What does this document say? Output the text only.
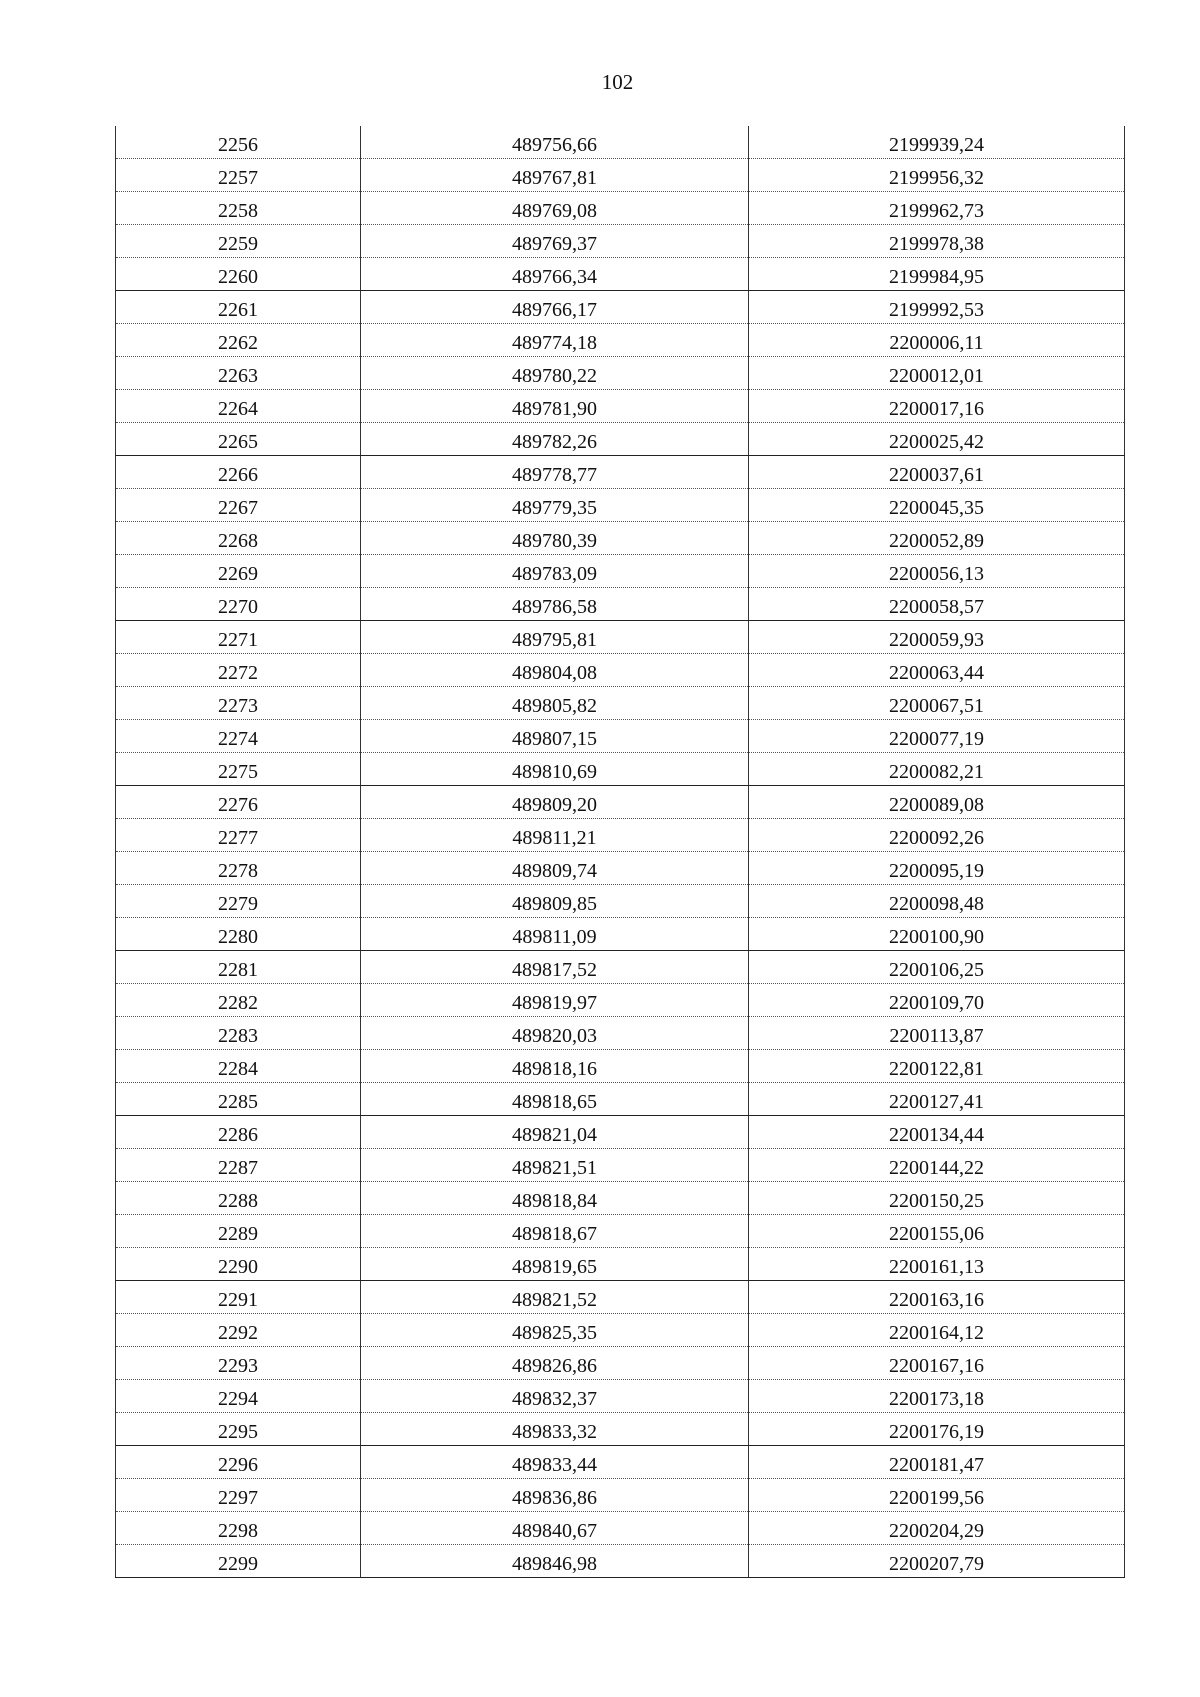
102
2256	489756,66	2199939,24
2257	489767,81	2199956,32
2258	489769,08	2199962,73
2259	489769,37	2199978,38
2260	489766,34	2199984,95
2261	489766,17	2199992,53
2262	489774,18	2200006,11
2263	489780,22	2200012,01
2264	489781,90	2200017,16
2265	489782,26	2200025,42
2266	489778,77	2200037,61
2267	489779,35	2200045,35
2268	489780,39	2200052,89
2269	489783,09	2200056,13
2270	489786,58	2200058,57
2271	489795,81	2200059,93
2272	489804,08	2200063,44
2273	489805,82	2200067,51
2274	489807,15	2200077,19
2275	489810,69	2200082,21
2276	489809,20	2200089,08
2277	489811,21	2200092,26
2278	489809,74	2200095,19
2279	489809,85	2200098,48
2280	489811,09	2200100,90
2281	489817,52	2200106,25
2282	489819,97	2200109,70
2283	489820,03	2200113,87
2284	489818,16	2200122,81
2285	489818,65	2200127,41
2286	489821,04	2200134,44
2287	489821,51	2200144,22
2288	489818,84	2200150,25
2289	489818,67	2200155,06
2290	489819,65	2200161,13
2291	489821,52	2200163,16
2292	489825,35	2200164,12
2293	489826,86	2200167,16
2294	489832,37	2200173,18
2295	489833,32	2200176,19
2296	489833,44	2200181,47
2297	489836,86	2200199,56
2298	489840,67	2200204,29
2299	489846,98	2200207,79
